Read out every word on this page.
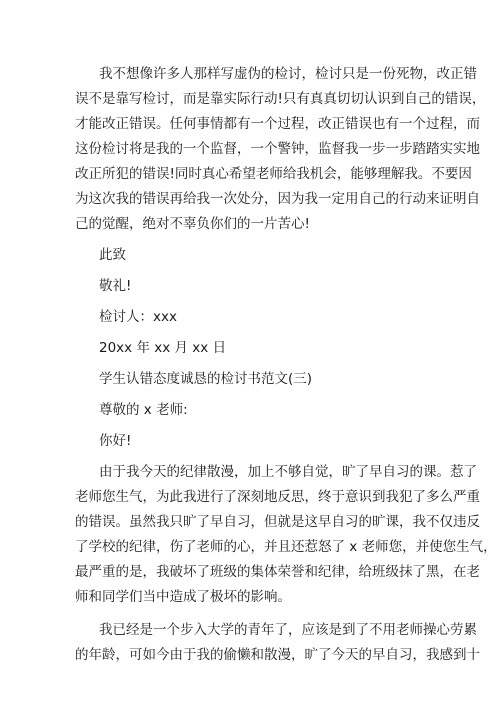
我不想像许多人那样写虚伪的检讨，检讨只是一份死物，改正错
误不是靠写检讨，而是靠实际行动!只有真真切切认识到自己的错误，
才能改正错误。任何事情都有一个过程，改正错误也有一个过程，而
这份检讨将是我的一个监督，一个警钟，监督我一步一步踏踏实实地
改正所犯的错误!同时真心希望老师给我机会，能够理解我。不要因
为这次我的错误再给我一次处分，因为我一定用自己的行动来证明自
己的觉醒，绝对不辜负你们的一片苦心!

此致

敬礼!

检讨人：xxx

20xx 年 xx 月 xx 日

学生认错态度诚恳的检讨书范文(三)

尊敬的 x 老师:

你好!

由于我今天的纪律散漫，加上不够自觉，旷了早自习的课。惹了
老师您生气，为此我进行了深刻地反思，终于意识到我犯了多么严重
的错误。虽然我只旷了早自习，但就是这早自习的旷课，我不仅违反
了学校的纪律，伤了老师的心，并且还惹怒了 x 老师您，并使您生气，
最严重的是，我破坏了班级的集体荣誉和纪律，给班级抹了黑，在老
师和同学们当中造成了极坏的影响。

我已经是一个步入大学的青年了，应该是到了不用老师操心劳累
的年龄，可如今由于我的偷懒和散漫，旷了今天的早自习，我感到十
